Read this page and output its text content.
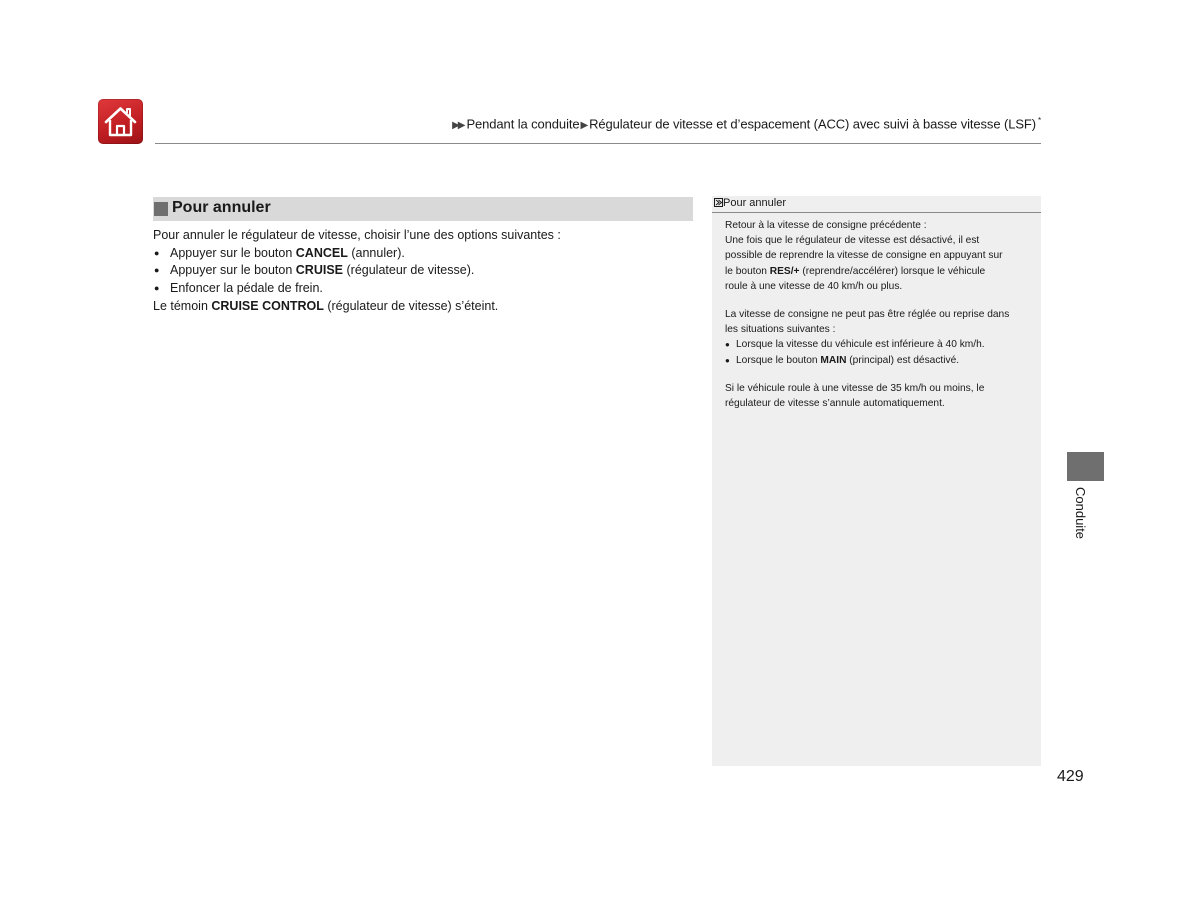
▶▶ Pendant la conduite▶Régulateur de vitesse et d’espacement (ACC) avec suivi à basse vitesse (LSF) *
Pour annuler

Pour annuler le régulateur de vitesse, choisir l’une des options suivantes :

● Appuyer sur le bouton CANCEL (annuler).
● Appuyer sur le bouton CRUISE (régulateur de vitesse).
● Enfoncer la pédale de frein.

Le témoin CRUISE CONTROL (régulateur de vitesse) s’éteint.

Pour annuler

Retour à la vitesse de consigne précédente :

Une fois que le régulateur de vitesse est désactivé, il est

possible de reprendre la vitesse de consigne en appuyant sur

le bouton RES/+ (reprendre/accélérer) lorsque le véhicule

roule à une vitesse de 40 km/h ou plus.

La vitesse de consigne ne peut pas être réglée ou reprise dans

les situations suivantes :

● Lorsque la vitesse du véhicule est inférieure à 40 km/h.
● Lorsque le bouton MAIN (principal) est désactivé.

Si le véhicule roule à une vitesse de 35 km/h ou moins, le

régulateur de vitesse s’annule automatiquement.

Conduite
429
